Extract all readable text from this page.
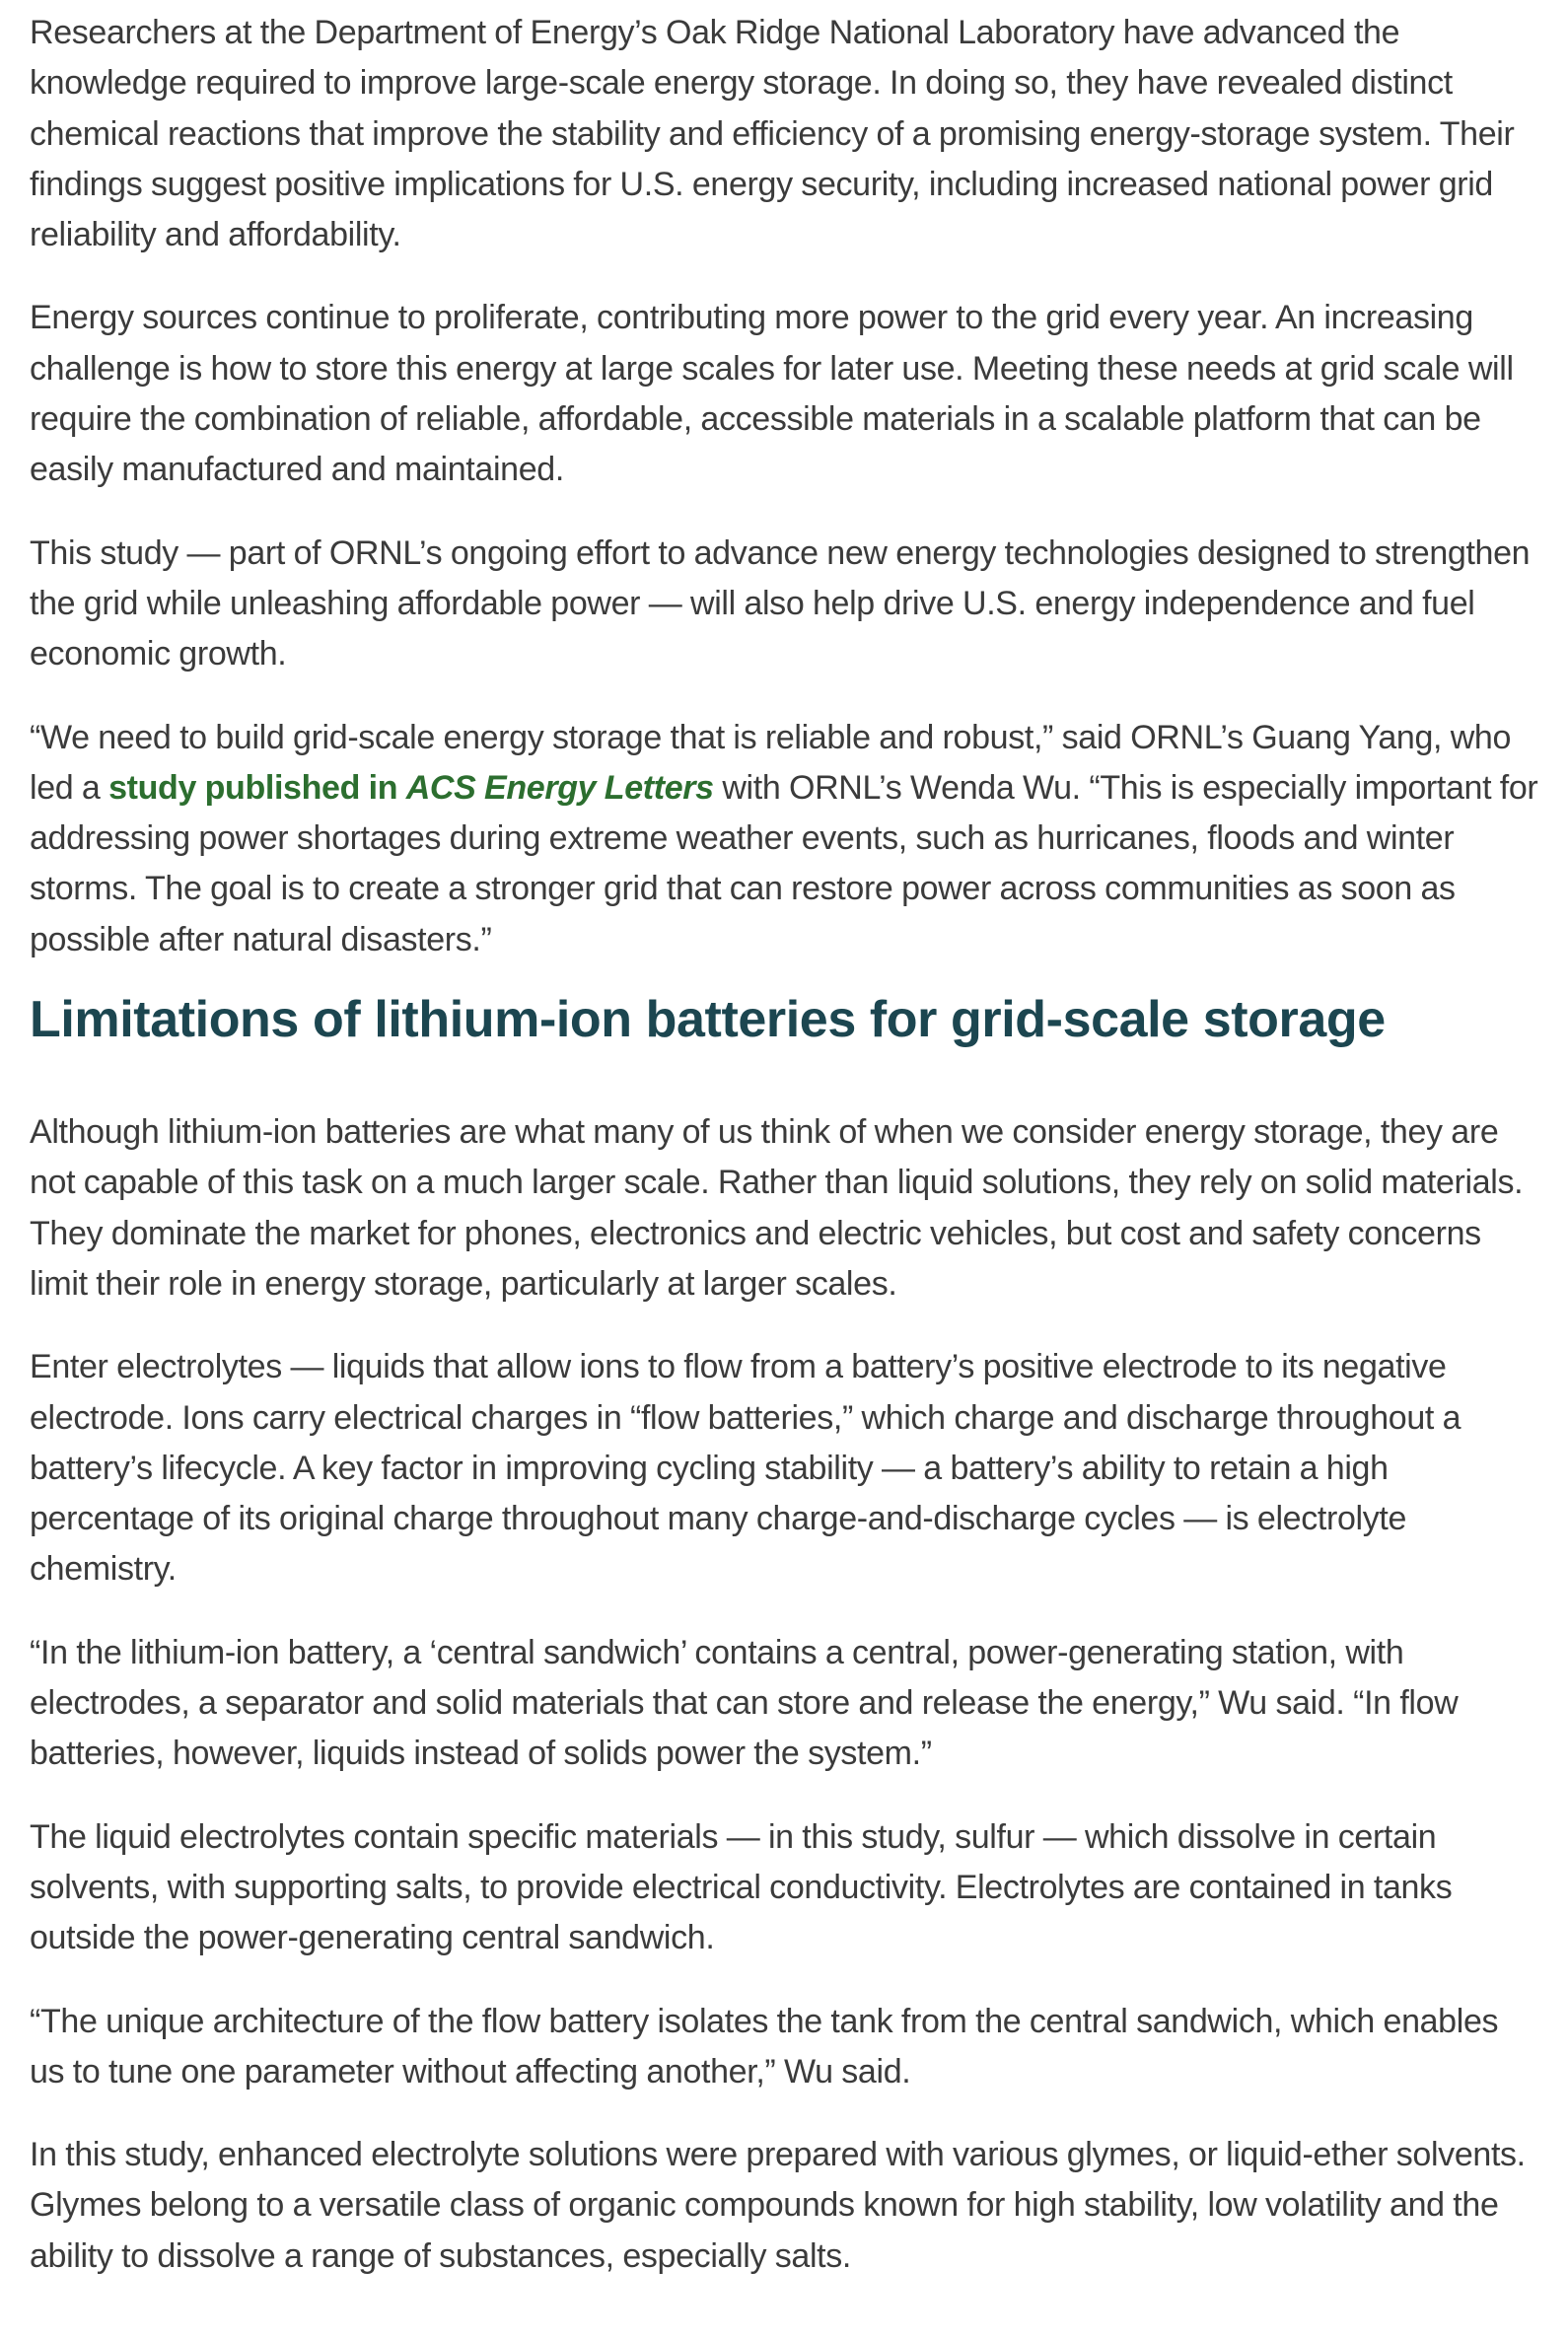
Researchers at the Department of Energy’s Oak Ridge National Laboratory have advanced the knowledge required to improve large-scale energy storage. In doing so, they have revealed distinct chemical reactions that improve the stability and efficiency of a promising energy-storage system. Their findings suggest positive implications for U.S. energy security, including increased national power grid reliability and affordability.

Energy sources continue to proliferate, contributing more power to the grid every year. An increasing challenge is how to store this energy at large scales for later use. Meeting these needs at grid scale will require the combination of reliable, affordable, accessible materials in a scalable platform that can be easily manufactured and maintained.

This study — part of ORNL’s ongoing effort to advance new energy technologies designed to strengthen the grid while unleashing affordable power — will also help drive U.S. energy independence and fuel economic growth.

“We need to build grid-scale energy storage that is reliable and robust,” said ORNL’s Guang Yang, who led a study published in ACS Energy Letters with ORNL’s Wenda Wu. “This is especially important for addressing power shortages during extreme weather events, such as hurricanes, floods and winter storms. The goal is to create a stronger grid that can restore power across communities as soon as possible after natural disasters.”

Limitations of lithium-ion batteries for grid-scale storage

Although lithium-ion batteries are what many of us think of when we consider energy storage, they are not capable of this task on a much larger scale. Rather than liquid solutions, they rely on solid materials. They dominate the market for phones, electronics and electric vehicles, but cost and safety concerns limit their role in energy storage, particularly at larger scales.

Enter electrolytes — liquids that allow ions to flow from a battery’s positive electrode to its negative electrode. Ions carry electrical charges in “flow batteries,” which charge and discharge throughout a battery’s lifecycle. A key factor in improving cycling stability — a battery’s ability to retain a high percentage of its original charge throughout many charge-and-discharge cycles — is electrolyte chemistry.

“In the lithium-ion battery, a ‘central sandwich’ contains a central, power-generating station, with electrodes, a separator and solid materials that can store and release the energy,” Wu said. “In flow batteries, however, liquids instead of solids power the system.”

The liquid electrolytes contain specific materials — in this study, sulfur — which dissolve in certain solvents, with supporting salts, to provide electrical conductivity. Electrolytes are contained in tanks outside the power-generating central sandwich.

“The unique architecture of the flow battery isolates the tank from the central sandwich, which enables us to tune one parameter without affecting another,” Wu said.

In this study, enhanced electrolyte solutions were prepared with various glymes, or liquid-ether solvents. Glymes belong to a versatile class of organic compounds known for high stability, low volatility and the ability to dissolve a range of substances, especially salts.
